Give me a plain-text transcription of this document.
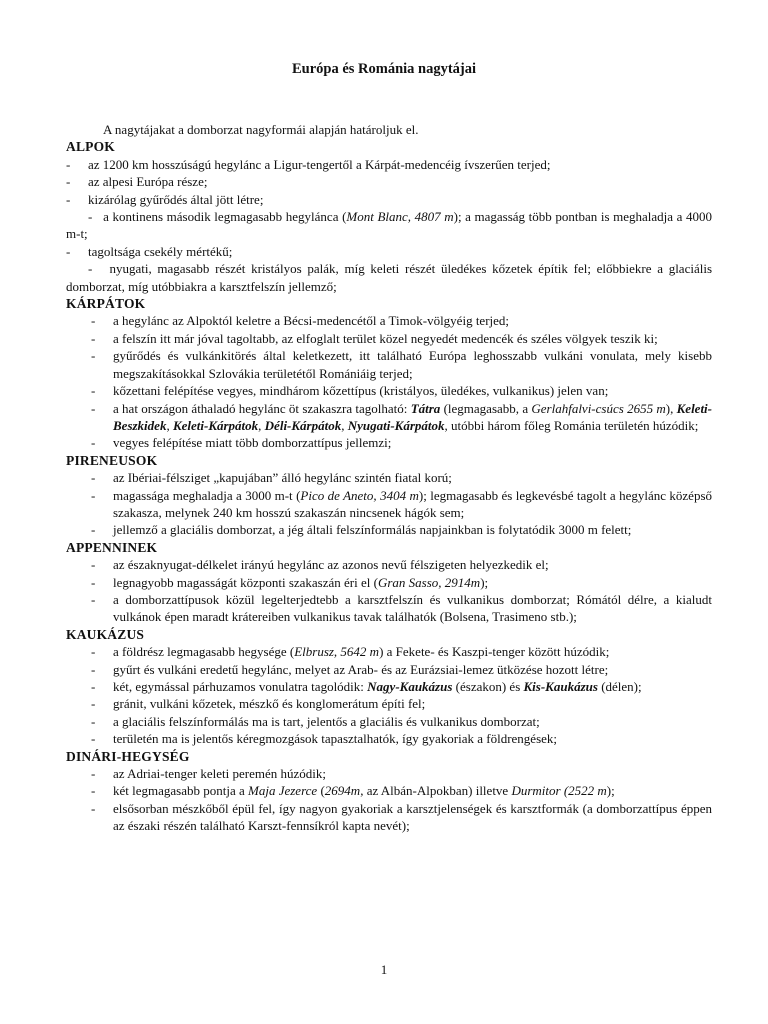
Európa és Románia nagytájai
A nagytájakat a domborzat nagyformái alapján határoljuk el.
ALPOK
- az 1200 km hosszúságú hegylánc a Ligur-tengertől a Kárpát-medencéig ívszerűen terjed;
- az alpesi Európa része;
- kizárólag gyűrődés által jött létre;
- a kontinens második legmagasabb hegylánca (Mont Blanc, 4807 m); a magasság több pontban is meghaladja a 4000 m-t;
- tagoltsága csekély mértékű;
- nyugati, magasabb részét kristályos palák, míg keleti részét üledékes kőzetek építik fel; előbbiekre a glaciális domborzat, míg utóbbiakra a karsztfelszín jellemző;
KÁRPÁTOK
- a hegylánc az Alpoktól keletre a Bécsi-medencétől a Timok-völgyéig terjed;
- a felszín itt már jóval tagoltabb, az elfoglalt terület közel negyedét medencék és széles völgyek teszik ki;
- gyűrődés és vulkánkitörés által keletkezett, itt található Európa leghosszabb vulkáni vonulata, mely kisebb megszakításokkal Szlovákia területétől Romániáig terjed;
- kőzettani felépítése vegyes, mindhárom kőzettípus (kristályos, üledékes, vulkanikus) jelen van;
- a hat országon áthaladó hegylánc öt szakaszra tagolható: Tátra (legmagasabb, a Gerlahfalvi-csúcs 2655 m), Keleti-Beszkidek, Keleti-Kárpátok, Déli-Kárpátok, Nyugati-Kárpátok, utóbbi három főleg Románia területén húzódik;
- vegyes felépítése miatt több domborzattípus jellemzi;
PIRENEUSOK
- az Ibériai-félsziget „kapujában” álló hegylánc szintén fiatal korú;
- magassága meghaladja a 3000 m-t (Pico de Aneto, 3404 m); legmagasabb és legkevésbé tagolt a hegylánc középső szakasza, melynek 240 km hosszú szakaszán nincsenek hágók sem;
- jellemző a glaciális domborzat, a jég általi felszínformálás napjainkban is folytatódik 3000 m felett;
APPENNINEK
- az északnyugat-délkelet irányú hegylánc az azonos nevű félszigeten helyezkedik el;
- legnagyobb magasságát központi szakaszán éri el (Gran Sasso, 2914m);
- a domborzattípusok közül legelterjedtebb a karsztfelszín és vulkanikus domborzat; Rómától délre, a kialudt vulkánok épen maradt krátereiben vulkanikus tavak találhatók (Bolsena, Trasimeno stb.);
KAUKÁZUS
- a földrész legmagasabb hegysége (Elbrusz, 5642 m) a Fekete- és Kaszpi-tenger között húzódik;
- gyűrt és vulkáni eredetű hegylánc, melyet az Arab- és az Eurázsiai-lemez ütközése hozott létre;
- két, egymással párhuzamos vonulatra tagolódik: Nagy-Kaukázus (északon) és Kis-Kaukázus (délen);
- gránit, vulkáni kőzetek, mészkő és konglomerátum építi fel;
- a glaciális felszínformálás ma is tart, jelentős a glaciális és vulkanikus domborzat;
- területén ma is jelentős kéregmozgások tapasztalhatók, így gyakoriak a földrengések;
DINÁRI-HEGYSÉG
- az Adriai-tenger keleti peremén húzódik;
- két legmagasabb pontja a Maja Jezerce (2694m, az Albán-Alpokban) illetve Durmitor (2522 m);
- elsősorban mészkőből épül fel, így nagyon gyakoriak a karsztjelenségek és karsztformák (a domborzattípus éppen az északi részén található Karszt-fennsíkról kapta nevét);
1
